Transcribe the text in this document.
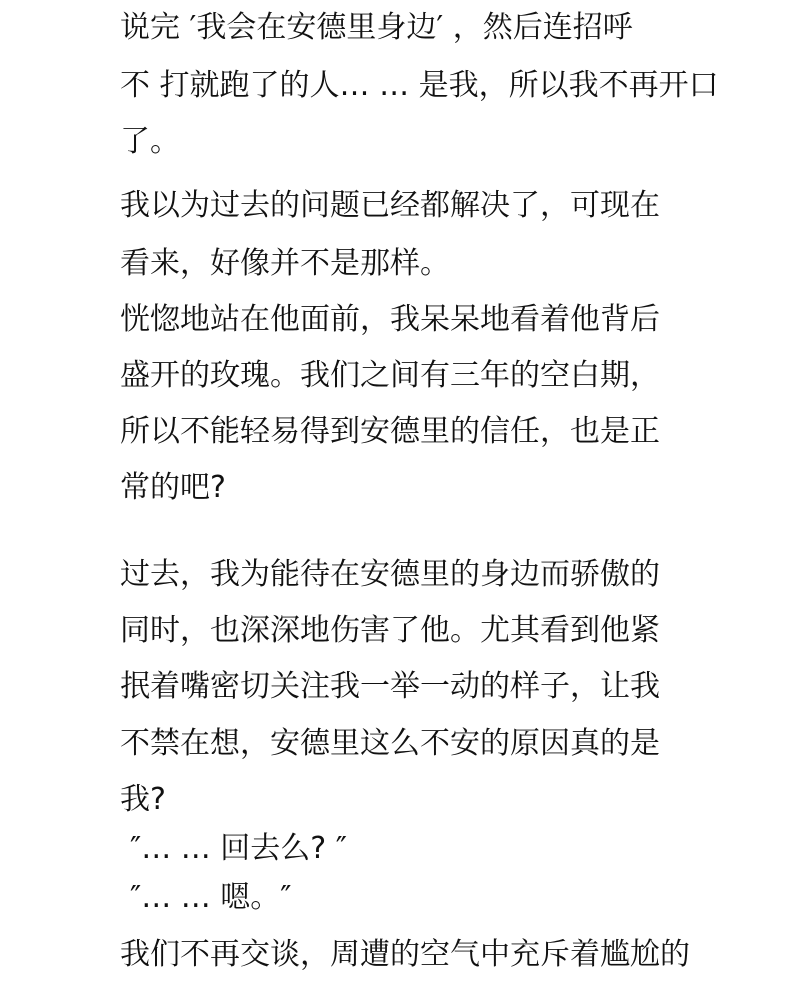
说完 ′我会在安德里身边′ ，然后连招呼
不 打就跑了的人… … 是我，所以我不再开口
了。
我以为过去的问题已经都解决了，可现在
看来，好像并不是那样。
恍惚地站在他面前，我呆呆地看着他背后
盛开的玫瑰。我们之间有三年的空白期，
所以不能轻易得到安德里的信任，也是正
常的吧?
过去，我为能待在安德里的身边而骄傲的
同时，也深深地伤害了他。尤其看到他紧
抿着嘴密切关注我一举一动的样子，让我
不禁在想，安德里这么不安的原因真的是
我?
″… … 回去么? ″
″… … 嗯。″
我们不再交谈，周遭的空气中充斥着尴尬的
